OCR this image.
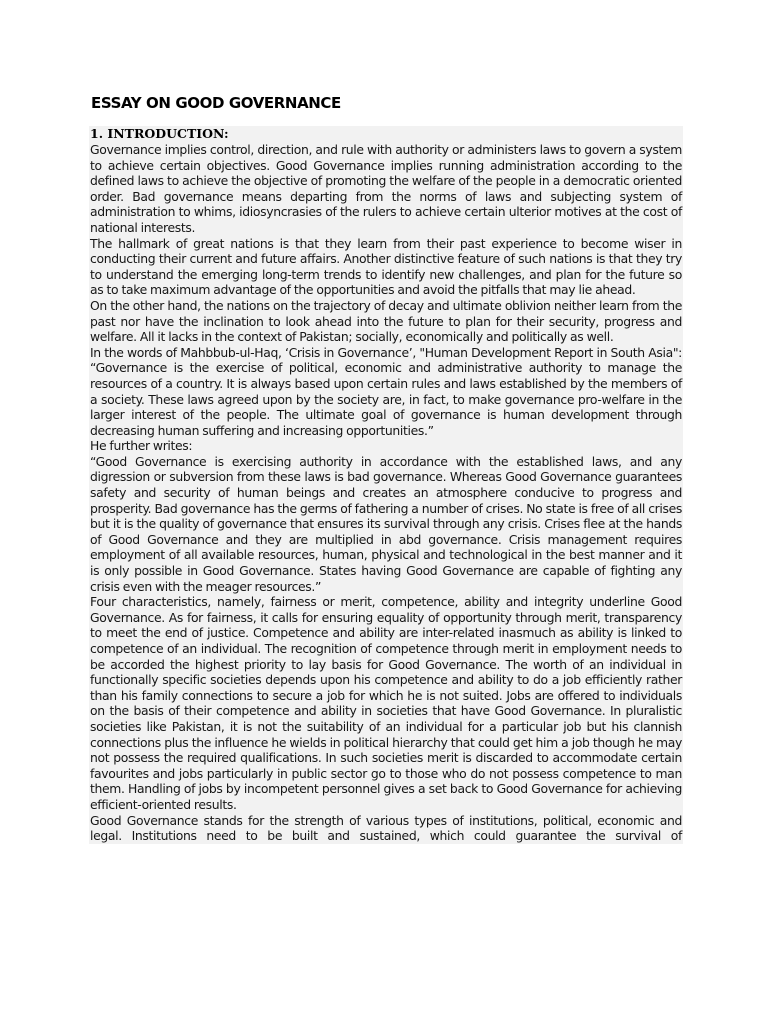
ESSAY ON GOOD GOVERNANCE
1. INTRODUCTION:

Governance implies control, direction, and rule with authority or administers laws to govern a system to achieve certain objectives. Good Governance implies running administration according to the defined laws to achieve the objective of promoting the welfare of the people in a democratic oriented order. Bad governance means departing from the norms of laws and subjecting system of administration to whims, idiosyncrasies of the rulers to achieve certain ulterior motives at the cost of national interests.

The hallmark of great nations is that they learn from their past experience to become wiser in conducting their current and future affairs. Another distinctive feature of such nations is that they try to understand the emerging long-term trends to identify new challenges, and plan for the future so as to take maximum advantage of the opportunities and avoid the pitfalls that may lie ahead.

On the other hand, the nations on the trajectory of decay and ultimate oblivion neither learn from the past nor have the inclination to look ahead into the future to plan for their security, progress and welfare. All it lacks in the context of Pakistan; socially, economically and politically as well.

In the words of Mahbbub-ul-Haq, ‘Crisis in Governance’, "Human Development Report in South Asia":

“Governance is the exercise of political, economic and administrative authority to manage the resources of a country. It is always based upon certain rules and laws established by the members of a society. These laws agreed upon by the society are, in fact, to make governance pro-welfare in the larger interest of the people. The ultimate goal of governance is human development through decreasing human suffering and increasing opportunities.”

He further writes:

“Good Governance is exercising authority in accordance with the established laws, and any digression or subversion from these laws is bad governance. Whereas Good Governance guarantees safety and security of human beings and creates an atmosphere conducive to progress and prosperity. Bad governance has the germs of fathering a number of crises. No state is free of all crises but it is the quality of governance that ensures its survival through any crisis. Crises flee at the hands of Good Governance and they are multiplied in abd governance. Crisis management requires employment of all available resources, human, physical and technological in the best manner and it is only possible in Good Governance. States having Good Governance are capable of fighting any crisis even with the meager resources.”

Four characteristics, namely, fairness or merit, competence, ability and integrity underline Good Governance. As for fairness, it calls for ensuring equality of opportunity through merit, transparency to meet the end of justice. Competence and ability are inter-related inasmuch as ability is linked to competence of an individual. The recognition of competence through merit in employment needs to be accorded the highest priority to lay basis for Good Governance. The worth of an individual in functionally specific societies depends upon his competence and ability to do a job efficiently rather than his family connections to secure a job for which he is not suited. Jobs are offered to individuals on the basis of their competence and ability in societies that have Good Governance. In pluralistic societies like Pakistan, it is not the suitability of an individual for a particular job but his clannish connections plus the influence he wields in political hierarchy that could get him a job though he may not possess the required qualifications. In such societies merit is discarded to accommodate certain favourites and jobs particularly in public sector go to those who do not possess competence to man them. Handling of jobs by incompetent personnel gives a set back to Good Governance for achieving efficient-oriented results.

Good Governance stands for the strength of various types of institutions, political, economic and legal. Institutions need to be built and sustained, which could guarantee the survival of
